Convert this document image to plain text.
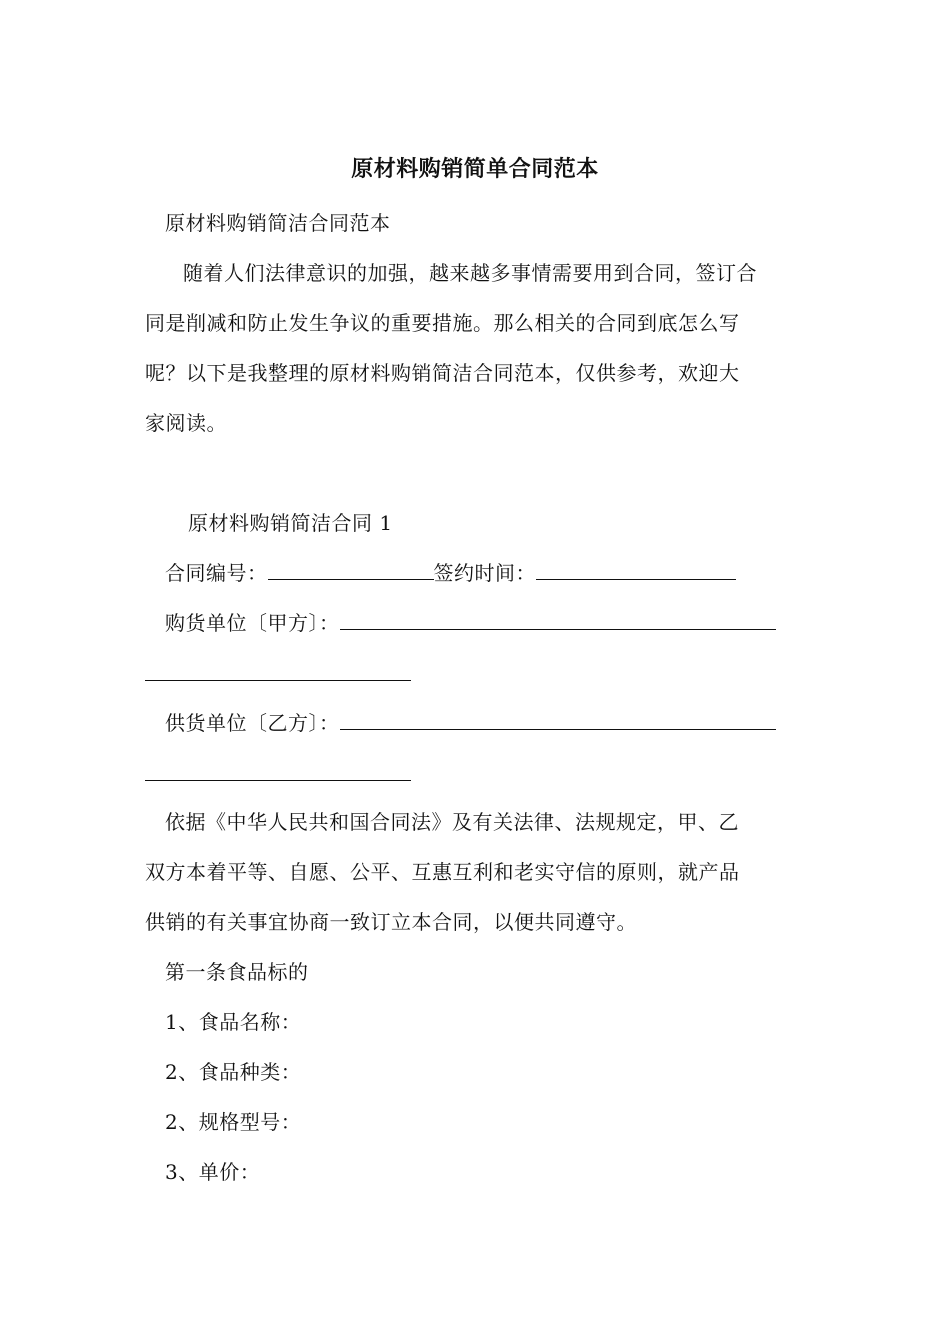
原材料购销简单合同范本
原材料购销简洁合同范本
随着人们法律意识的加强，越来越多事情需要用到合同，签订合
同是削减和防止发生争议的重要措施。那么相关的合同到底怎么写
呢？以下是我整理的原材料购销简洁合同范本，仅供参考，欢迎大
家阅读。
原材料购销简洁合同 1
合同编号：	签约时间：
购货单位〔甲方〕：
供货单位〔乙方〕：
依据《中华人民共和国合同法》及有关法律、法规规定，甲、乙
双方本着平等、自愿、公平、互惠互利和老实守信的原则，就产品
供销的有关事宜协商一致订立本合同，以便共同遵守。
第一条食品标的
1、食品名称：
2、食品种类：
2、规格型号：
3、单价：
